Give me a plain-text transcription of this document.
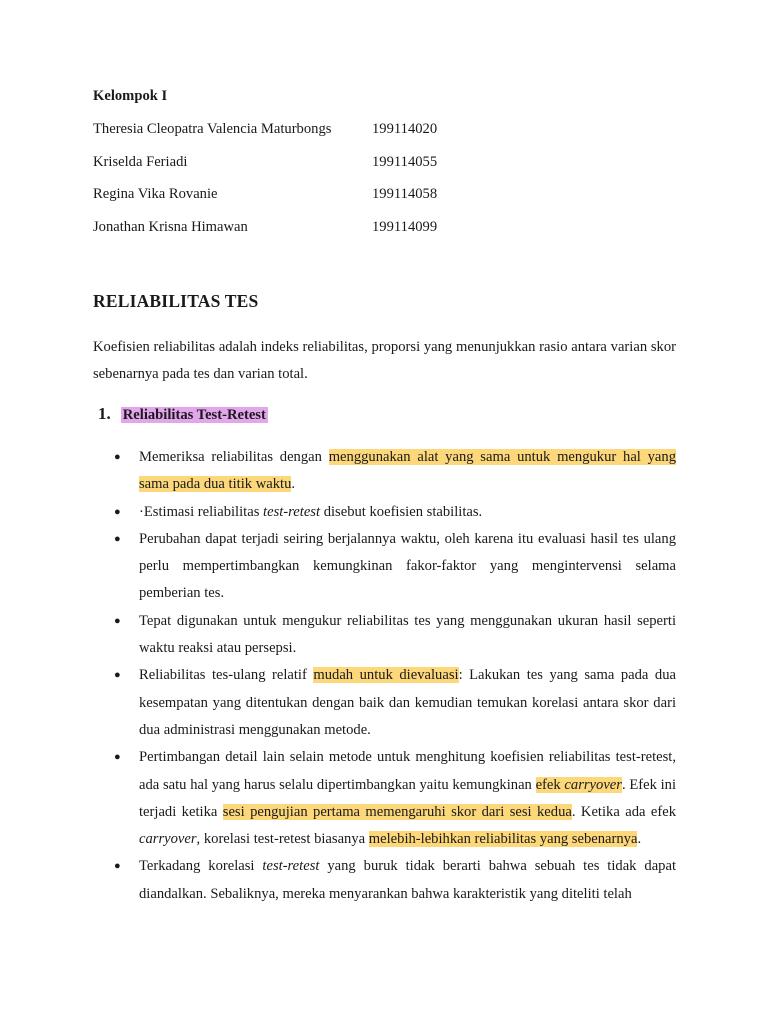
Kelompok I
Theresia Cleopatra Valencia Maturbongs	199114020
Kriselda Feriadi	199114055
Regina Vika Rovanie	199114058
Jonathan Krisna Himawan	199114099
RELIABILITAS TES
Koefisien reliabilitas adalah indeks reliabilitas, proporsi yang menunjukkan rasio antara varian skor sebenarnya pada tes dan varian total.
1. Reliabilitas Test-Retest
● Memeriksa reliabilitas dengan menggunakan alat yang sama untuk mengukur hal yang sama pada dua titik waktu.
● ·Estimasi reliabilitas test-retest disebut koefisien stabilitas.
● Perubahan dapat terjadi seiring berjalannya waktu, oleh karena itu evaluasi hasil tes ulang perlu mempertimbangkan kemungkinan fakor-faktor yang mengintervensi selama pemberian tes.
● Tepat digunakan untuk mengukur reliabilitas tes yang menggunakan ukuran hasil seperti waktu reaksi atau persepsi.
● Reliabilitas tes-ulang relatif mudah untuk dievaluasi: Lakukan tes yang sama pada dua kesempatan yang ditentukan dengan baik dan kemudian temukan korelasi antara skor dari dua administrasi menggunakan metode.
● Pertimbangan detail lain selain metode untuk menghitung koefisien reliabilitas test-retest, ada satu hal yang harus selalu dipertimbangkan yaitu kemungkinan efek carryover. Efek ini terjadi ketika sesi pengujian pertama memengaruhi skor dari sesi kedua. Ketika ada efek carryover, korelasi test-retest biasanya melebih-lebihkan reliabilitas yang sebenarnya.
● Terkadang korelasi test-retest yang buruk tidak berarti bahwa sebuah tes tidak dapat diandalkan. Sebaliknya, mereka menyarankan bahwa karakteristik yang diteliti telah
